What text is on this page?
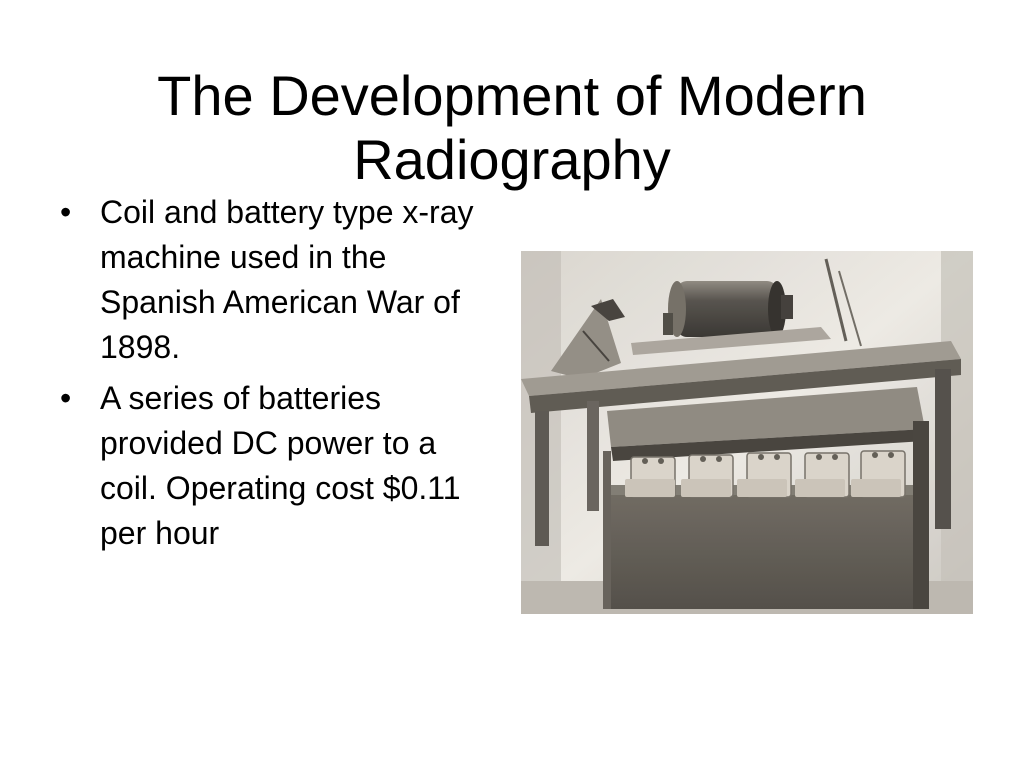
The Development of Modern
Radiography
• Coil and battery type x-ray machine used in the Spanish American War of 1898.
• A series of batteries provided DC power to a coil. Operating cost $0.11 per hour
